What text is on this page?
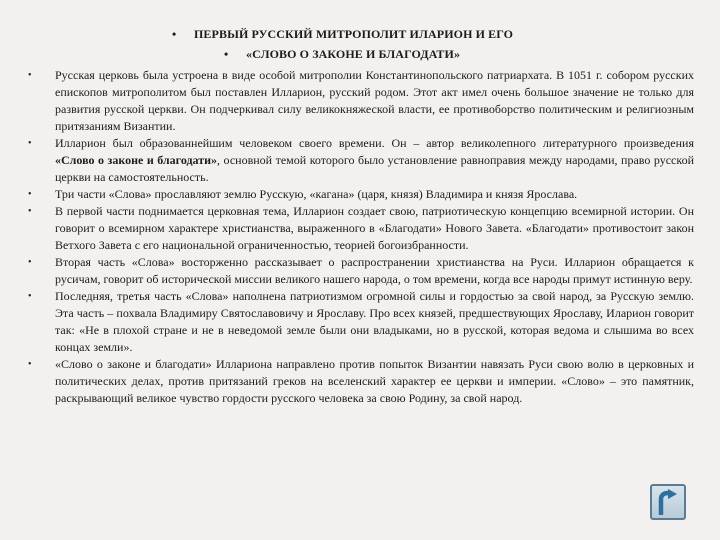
• ПЕРВЫЙ РУССКИЙ МИТРОПОЛИТ ИЛАРИОН И ЕГО
• «СЛОВО О ЗАКОНЕ И БЛАГОДАТИ»
• Русская церковь была устроена в виде особой митрополии Константинопольского патриархата. В 1051 г. собором русских епископов митрополитом был поставлен Илларион, русский родом. Этот акт имел очень большое значение не только для развития русской церкви. Он подчеркивал силу великокняжеской власти, ее противоборство политическим и религиозным притязаниям Византии.
• Илларион был образованнейшим человеком своего времени. Он – автор великолепного литературного произведения «Слово о законе и благодати», основной темой которого было установление равноправия между народами, право русской церкви на самостоятельность.
• Три части «Слова» прославляют землю Русскую, «кагана» (царя, князя) Владимира и князя Ярослава.
• В первой части поднимается церковная тема, Илларион создает свою, патриотическую концепцию всемирной истории. Он говорит о всемирном характере христианства, выраженного в «Благодати» Нового Завета. «Благодати» противостоит закон Ветхого Завета с его национальной ограниченностью, теорией богоизбранности.
• Вторая часть «Слова» восторженно рассказывает о распространении христианства на Руси. Илларион обращается к русичам, говорит об исторической миссии великого нашего народа, о том времени, когда все народы примут истинную веру.
• Последняя, третья часть «Слова» наполнена патриотизмом огромной силы и гордостью за свой народ, за Русскую землю. Эта часть – похвала Владимиру Святославовичу и Ярославу. Про всех князей, предшествующих Ярославу, Иларион говорит так: «Не в плохой стране и не в неведомой земле были они владыками, но в русской, которая ведома и слышима во всех концах земли».
• «Слово о законе и благодати» Иллариона направлено против попыток Византии навязать Руси свою волю в церковных и политических делах, против притязаний греков на вселенский характер ее церкви и империи. «Слово» – это памятник, раскрывающий великое чувство гордости русского человека за свою Родину, за свой народ.
